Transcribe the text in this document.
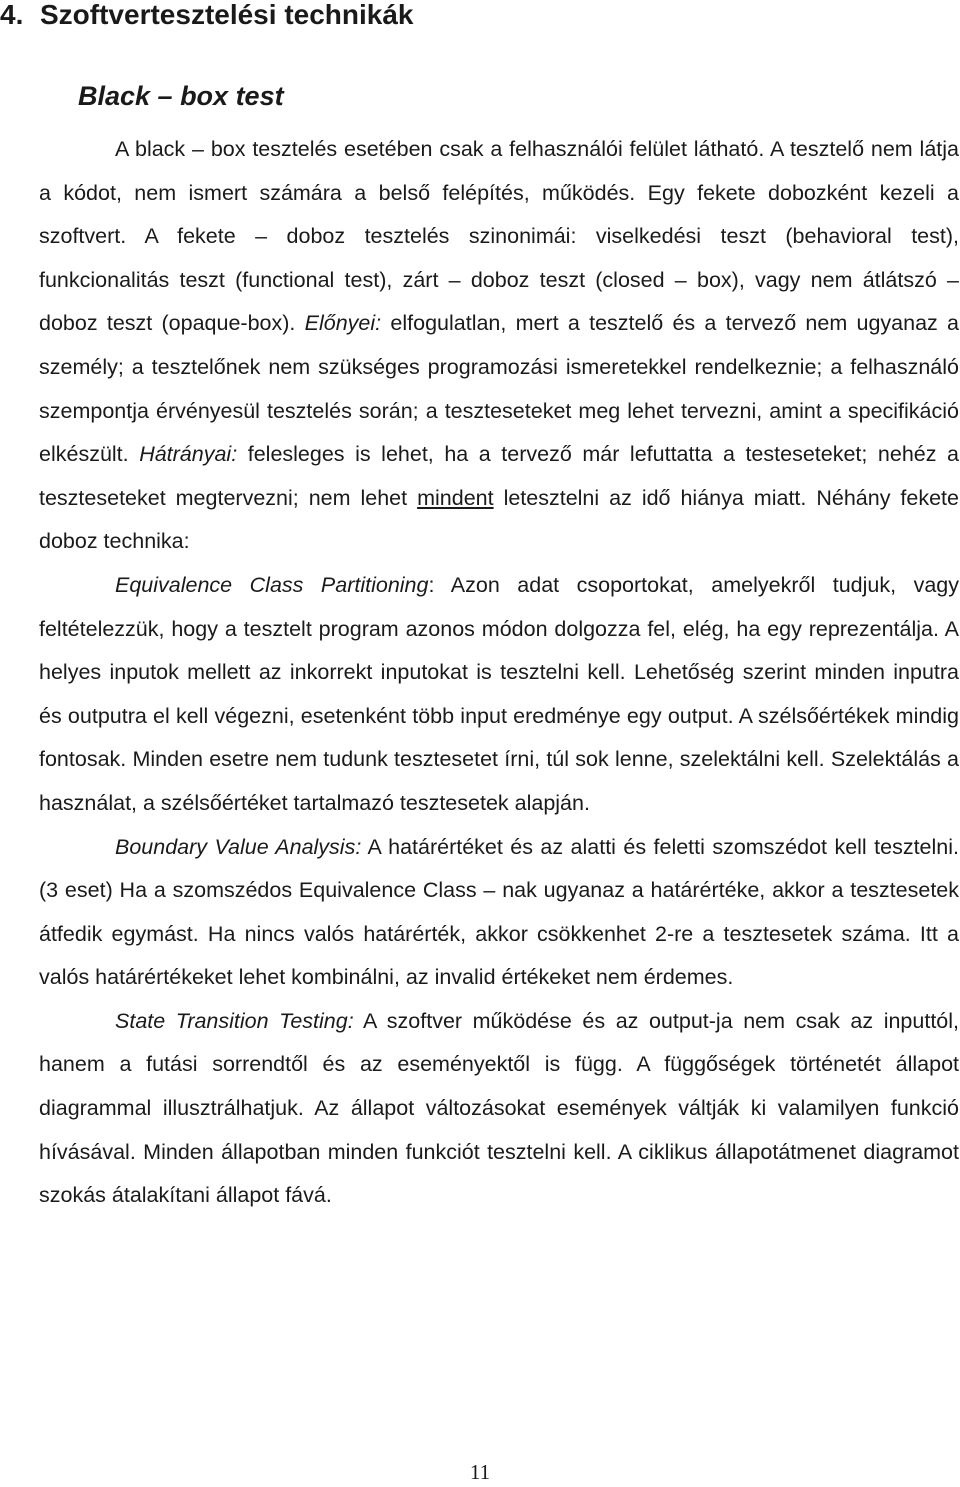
4. Szoftvertesztelési technikák
Black – box test

A black – box tesztelés esetében csak a felhasználói felület látható. A tesztelő nem látja a kódot, nem ismert számára a belső felépítés, működés. Egy fekete dobozként kezeli a szoftvert. A fekete – doboz tesztelés szinonimái: viselkedési teszt (behavioral test), funkcionalitás teszt (functional test), zárt – doboz teszt (closed – box), vagy nem átlátszó – doboz teszt (opaque-box). Előnyei: elfogulatlan, mert a tesztelő és a tervező nem ugyanaz a személy; a tesztelőnek nem szükséges programozási ismeretekkel rendelkeznie; a felhasználó szempontja érvényesül tesztelés során; a teszteseteket meg lehet tervezni, amint a specifikáció elkészült. Hátrányai: felesleges is lehet, ha a tervező már lefuttatta a testeseteket; nehéz a teszteseteket megtervezni; nem lehet mindent letesztelni az idő hiánya miatt. Néhány fekete doboz technika:

Equivalence Class Partitioning: Azon adat csoportokat, amelyekről tudjuk, vagy feltételezzük, hogy a tesztelt program azonos módon dolgozza fel, elég, ha egy reprezentálja. A helyes inputok mellett az inkorrekt inputokat is tesztelni kell. Lehetőség szerint minden inputra és outputra el kell végezni, esetenként több input eredménye egy output. A szélsőértékek mindig fontosak. Minden esetre nem tudunk tesztesetet írni, túl sok lenne, szelektálni kell. Szelektálás a használat, a szélsőértéket tartalmazó tesztesetek alapján.

Boundary Value Analysis: A határértéket és az alatti és feletti szomszédot kell tesztelni. (3 eset) Ha a szomszédos Equivalence Class – nak ugyanaz a határértéke, akkor a tesztesetek átfedik egymást. Ha nincs valós határérték, akkor csökkenhet 2-re a tesztesetek száma. Itt a valós határértékeket lehet kombinálni, az invalid értékeket nem érdemes.

State Transition Testing: A szoftver működése és az output-ja nem csak az inputtól, hanem a futási sorrendtől és az eseményektől is függ. A függőségek történetét állapot diagrammal illusztrálhatjuk. Az állapot változásokat események váltják ki valamilyen funkció hívásával. Minden állapotban minden funkciót tesztelni kell. A ciklikus állapotátmenet diagramot szokás átalakítani állapot fává.

11
